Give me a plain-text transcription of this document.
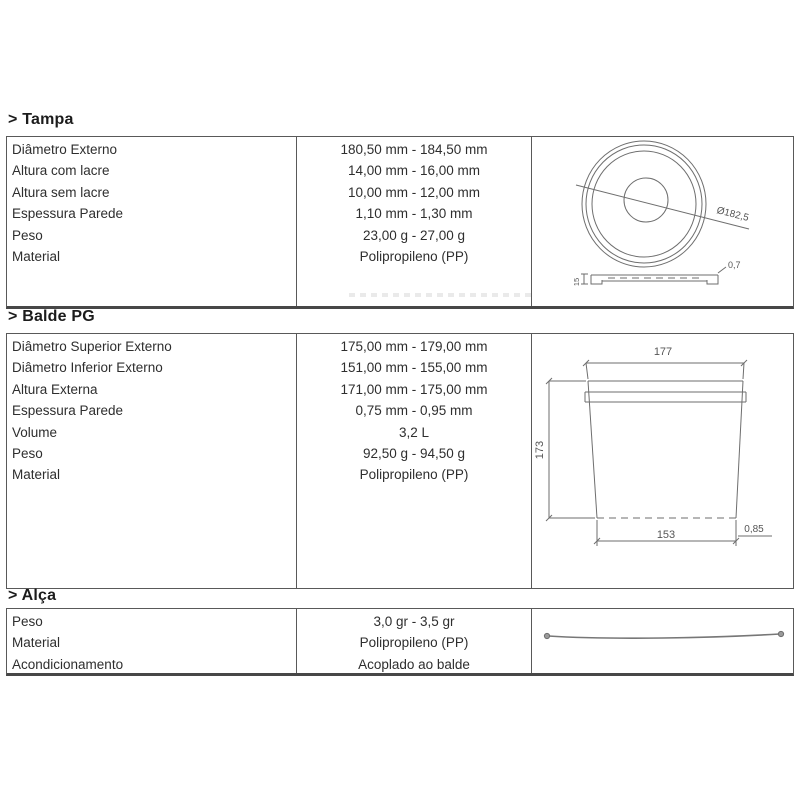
> Tampa
Diâmetro Externo
Altura com lacre
Altura sem lacre
Espessura Parede
Peso
Material
180,50 mm - 184,50 mm
14,00 mm - 16,00 mm
10,00 mm - 12,00 mm
1,10 mm - 1,30 mm
23,00 g - 27,00 g
Polipropileno (PP)
Ø182,5
0,7
15
> Balde PG
Diâmetro Superior Externo
Diâmetro Inferior Externo
Altura Externa
Espessura Parede
Volume
Peso
Material
175,00 mm - 179,00 mm
151,00 mm - 155,00 mm
171,00 mm - 175,00 mm
0,75 mm - 0,95 mm
3,2 L
92,50 g - 94,50 g
Polipropileno (PP)
177
173
153	0,85
> Alça
Peso
Material
Acondicionamento
3,0 gr - 3,5 gr
Polipropileno (PP)
Acoplado ao balde
